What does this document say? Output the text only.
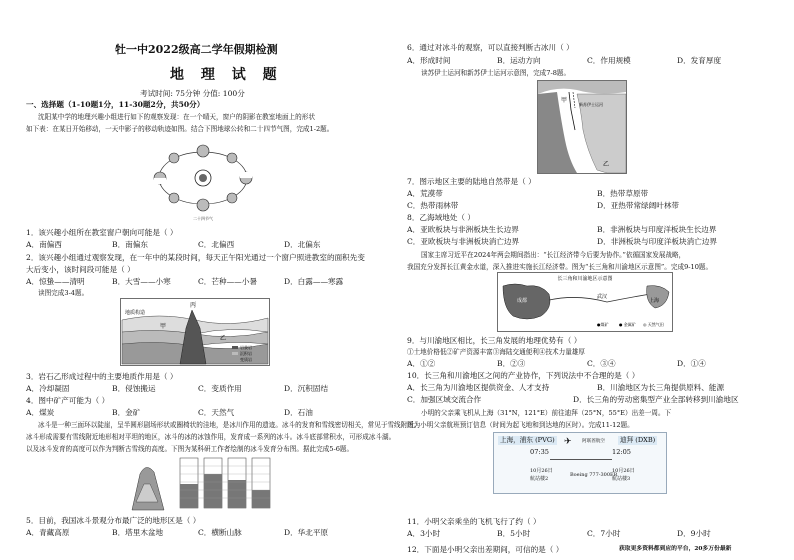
牡一中2022级高二学年假期检测
地 理 试 题
考试时间: 75分钟 分值: 100分
一、选择题（1-10题1分，11-30题2分，共50分）
沈阳某中学的地理兴趣小组进行如下的观察发现：在一个晴天，窗户的阴影在教室地面上的形状
如下表：在某日开始移动，一天中影子的移动轨迹如图。结合下图地球公转和二十四节气图，完成1-2题。
二十四节气
1．该兴趣小组所在教室窗户朝向可能是（ ）
A．南偏西	B．南偏东	C．北偏西	D．北偏东
2．该兴趣小组通过观察发现，在一年中的某段时间，每天正午阳光通过一个窗户照进教室的面积先变
大后变小，该时间段可能是（ ）
A．惊蛰——清明	B．大雪——小寒	C．芒种——小暑	D．白露——寒露
读图完成3-4题。
地质构造
甲
乙
丙
岩浆岩
沉积岩
变质岩
3．岩石乙形成过程中的主要地质作用是（ ）
A．冷却凝固	B．侵蚀搬运	C．变质作用	D．沉积固结
4．图中矿产可能为（ ）
A．煤炭	B．金矿	C．天然气	D．石油
冰斗是一种三面环以陡崖，呈半圆形剧场形状或圈椅状的洼地，是冰川作用的遗迹。冰斗的发育和雪线密切相关，常见于雪线附近。
冰斗形成需要有雪线附近地形相对平坦的地区，冰斗的冰的冰蚀作用，发育成一系列的冰斗。冰斗底部常积水，可形成冰斗湖。
以及冰斗发育的高度可以作为判断古雪线的高度。下图为某科研工作者绘制的冰斗发育分布图。据此完成5-6题。
5．目前，我国冰斗景观分布最广泛的地形区是（ ）
A．青藏高原	B．塔里木盆地	C．横断山脉	D．华北平原
6．通过对冰斗的观察，可以直接判断古冰川（ ）
A．形成时间	B．运动方向	C．作用规模	D．发育厚度
读苏伊士运河和新苏伊士运河示意图，完成7-8题。
甲
乙
新苏伊士运河
7．图示地区主要的陆地自然带是（ ）
A．荒漠带	B．热带草原带
C．热带雨林带	D．亚热带常绿阔叶林带
8．乙海域地处（ ）
A．亚欧板块与非洲板块生长边界	B．非洲板块与印度洋板块生长边界
C．亚欧板块与非洲板块消亡边界	D．非洲板块与印度洋板块消亡边界
国家主席习近平在2024年两会期间指出：“长江经济带今后要为协作。”依循国家发展战略，
我国充分发挥长江黄金水道，深入推进实施长江经济带。图为“长三角和川渝地区示意图”。完成9-10题。
长三角和川渝地区示意图
成都
武汉
上海
●煤矿	● 金属矿 ◎ 天然气田
9．与川渝地区相比，长三角发展的地理优势有（ ）
①土地价格低②矿产资源丰富③海陆交通便利④技术力量雄厚
A．①②	B．②③	C．③④	D．①④
10．长三角和川渝地区之间的产业协作，下列说法中不合理的是（ ）
A．长三角为川渝地区提供资金、人才支持	B．川渝地区为长三角提供原料、能源
C．加强区域交流合作	D．长三角的劳动密集型产业全部转移到川渝地区
小明的父亲乘飞机从上海（31°N，121°E）前往迪拜（25°N，55°E）出差一周。下
图为小明父亲航班预订信息（时间为起飞地和到达地的区时）。完成11-12题。
上海，浦东 (PVG)	迪拜 (DXB)
✈ 阿联酋航空
07:35	12:05
10月26日	10月26日
航站楼2	航站楼3
Boeing 777-300ER
11．小明父亲乘坐的飞机飞行了约（ ）
A．3小时	B．5小时	C．7小时	D．9小时
12．下面是小明父亲出差期间，可信的是（ ）	获取更多资料都到应的平台，20多万份最新
